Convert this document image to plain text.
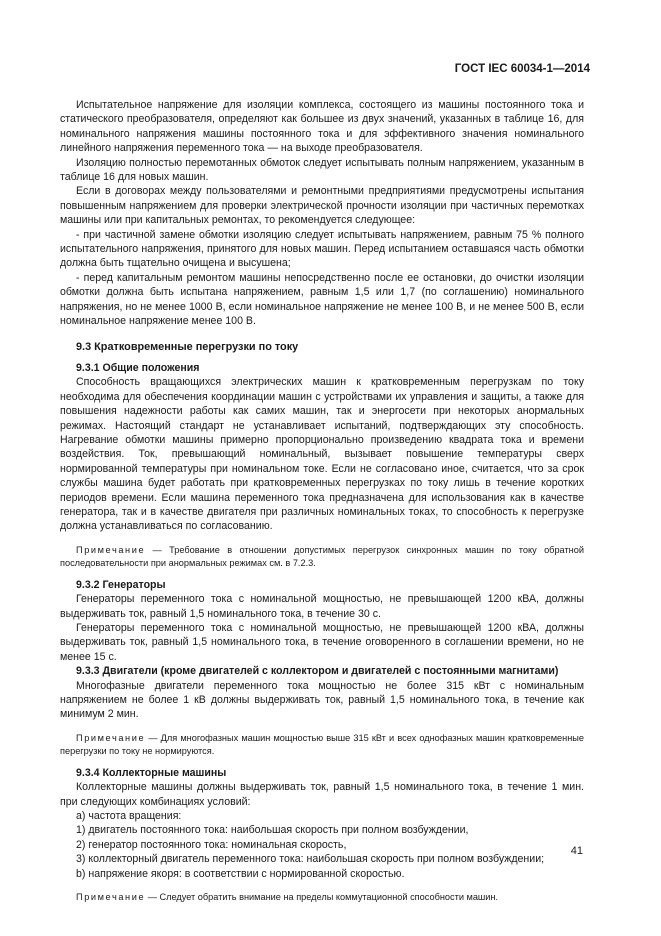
ГОСТ IEC 60034-1—2014

Испытательное напряжение для изоляции комплекса, состоящего из машины постоянного тока и статического преобразователя, определяют как большее из двух значений, указанных в таблице 16, для номинального напряжения машины постоянного тока и для эффективного значения номинального линейного напряжения переменного тока — на выходе преобразователя.

Изоляцию полностью перемотанных обмоток следует испытывать полным напряжением, указанным в таблице 16 для новых машин.

Если в договорах между пользователями и ремонтными предприятиями предусмотрены испытания повышенным напряжением для проверки электрической прочности изоляции при частичных перемотках машины или при капитальных ремонтах, то рекомендуется следующее:

- при частичной замене обмотки изоляцию следует испытывать напряжением, равным 75 % полного испытательного напряжения, принятого для новых машин. Перед испытанием оставшаяся часть обмотки должна быть тщательно очищена и высушена;

- перед капитальным ремонтом машины непосредственно после ее остановки, до очистки изоляции обмотки должна быть испытана напряжением, равным 1,5 или 1,7 (по соглашению) номинального напряжения, но не менее 1000 В, если номинальное напряжение не менее 100 В, и не менее 500 В, если номинальное напряжение менее 100 В.

9.3 Кратковременные перегрузки по току

9.3.1 Общие положения

Способность вращающихся электрических машин к кратковременным перегрузкам по току необходима для обеспечения координации машин с устройствами их управления и защиты, а также для повышения надежности работы как самих машин, так и энергосети при некоторых анормальных режимах. Настоящий стандарт не устанавливает испытаний, подтверждающих эту способность. Нагревание обмотки машины примерно пропорционально произведению квадрата тока и времени воздействия. Ток, превышающий номинальный, вызывает повышение температуры сверх нормированной температуры при номинальном токе. Если не согласовано иное, считается, что за срок службы машина будет работать при кратковременных перегрузках по току лишь в течение коротких периодов времени. Если машина переменного тока предназначена для использования как в качестве генератора, так и в качестве двигателя при различных номинальных токах, то способность к перегрузке должна устанавливаться по согласованию.

Примечание — Требование в отношении допустимых перегрузок синхронных машин по току обратной последовательности при анормальных режимах см. в 7.2.3.

9.3.2 Генераторы

Генераторы переменного тока с номинальной мощностью, не превышающей 1200 кВА, должны выдерживать ток, равный 1,5 номинального тока, в течение 30 с.

Генераторы переменного тока с номинальной мощностью, не превышающей 1200 кВА, должны выдерживать ток, равный 1,5 номинального тока, в течение оговоренного в соглашении времени, но не менее 15 с.

9.3.3 Двигатели (кроме двигателей с коллектором и двигателей с постоянными магнитами)

Многофазные двигатели переменного тока мощностью не более 315 кВт с номинальным напряжением не более 1 кВ должны выдерживать ток, равный 1,5 номинального тока, в течение как минимум 2 мин.

Примечание — Для многофазных машин мощностью выше 315 кВт и всех однофазных машин кратковременные перегрузки по току не нормируются.

9.3.4 Коллекторные машины

Коллекторные машины должны выдерживать ток, равный 1,5 номинального тока, в течение 1 мин. при следующих комбинациях условий:

а) частота вращения:

1) двигатель постоянного тока: наибольшая скорость при полном возбуждении,

2) генератор постоянного тока: номинальная скорость,

3) коллекторный двигатель переменного тока: наибольшая скорость при полном возбуждении;

b) напряжение якоря: в соответствии с нормированной скоростью.

Примечание — Следует обратить внимание на пределы коммутационной способности машин.

41
